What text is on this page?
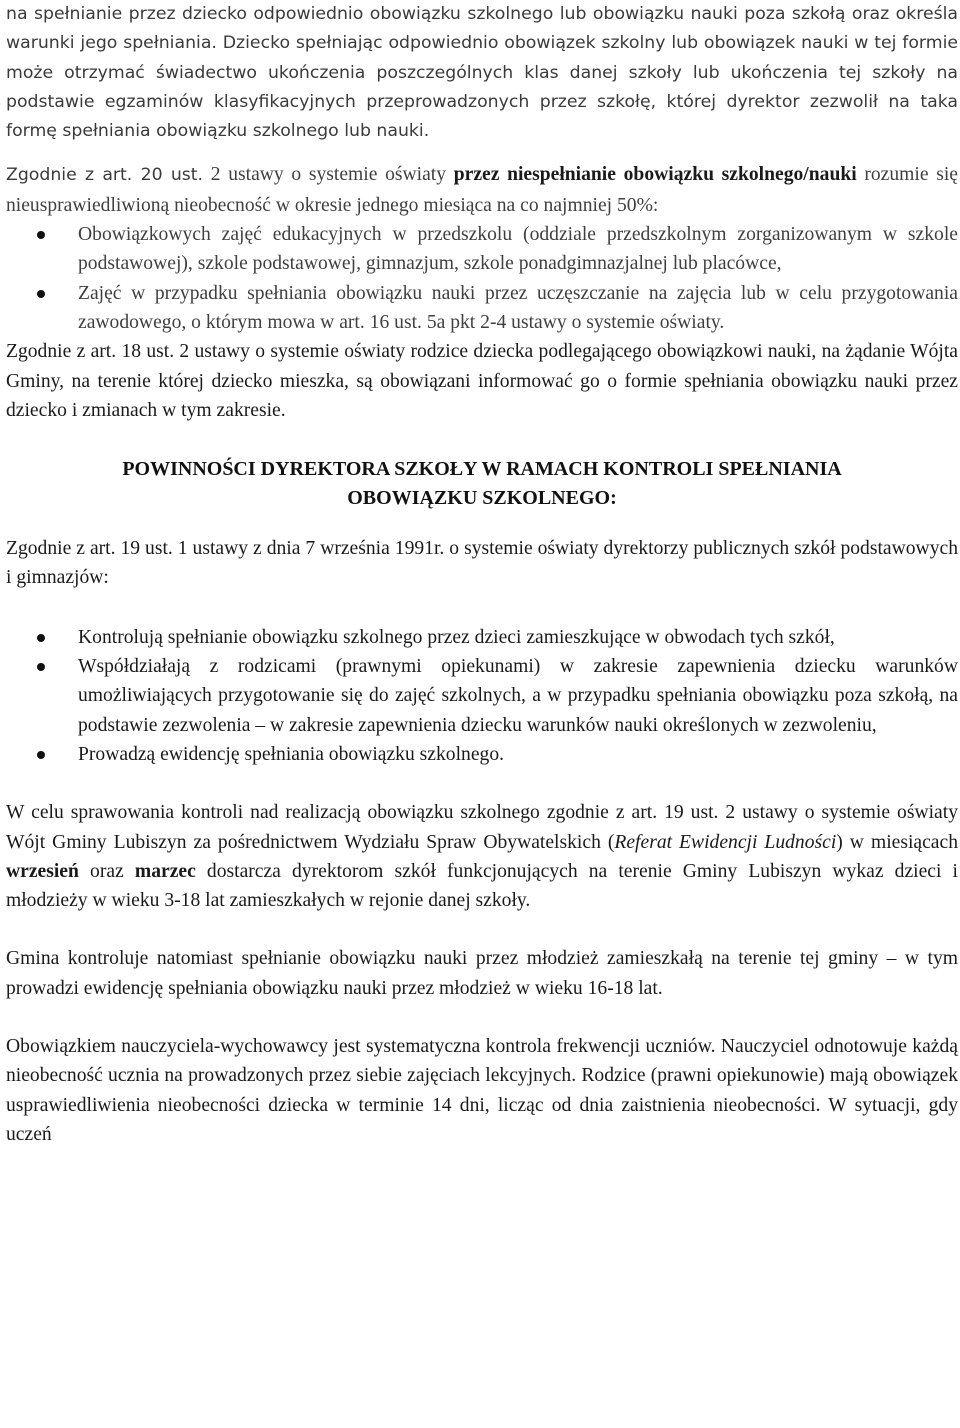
na spełnianie przez dziecko odpowiednio obowiązku szkolnego lub obowiązku nauki poza szkołą oraz określa warunki jego spełniania. Dziecko spełniając odpowiednio obowiązek szkolny lub obowiązek nauki w tej formie może otrzymać świadectwo ukończenia poszczególnych klas danej szkoły lub ukończenia tej szkoły na podstawie egzaminów klasyfikacyjnych przeprowadzonych przez szkołę, której dyrektor zezwolił na taka formę spełniania obowiązku szkolnego lub nauki.

Zgodnie z art. 20 ust. 2 ustawy o systemie oświaty przez niespełnianie obowiązku szkolnego/nauki rozumie się nieusprawiedliwioną nieobecność w okresie jednego miesiąca na co najmniej 50%:

Obowiązkowych zajęć edukacyjnych w przedszkolu (oddziale przedszkolnym zorganizowanym w szkole podstawowej), szkole podstawowej, gimnazjum, szkole ponadgimnazjalnej lub placówce,
Zajęć w przypadku spełniania obowiązku nauki przez uczęszczanie na zajęcia lub w celu przygotowania zawodowego, o którym mowa w art. 16 ust. 5a pkt 2-4 ustawy o systemie oświaty.

Zgodnie z art. 18 ust. 2 ustawy o systemie oświaty rodzice dziecka podlegającego obowiązkowi nauki, na żądanie Wójta Gminy, na terenie której dziecko mieszka, są obowiązani informować go o formie spełniania obowiązku nauki przez dziecko i zmianach w tym zakresie.

POWINNOŚCI DYREKTORA SZKOŁY W RAMACH KONTROLI SPEŁNIANIA
OBOWIĄZKU SZKOLNEGO:

Zgodnie z art. 19 ust. 1 ustawy z dnia 7 września 1991r. o systemie oświaty dyrektorzy publicznych szkół podstawowych i gimnazjów:

Kontrolują spełnianie obowiązku szkolnego przez dzieci zamieszkujące w obwodach tych szkół,
Współdziałają z rodzicami (prawnymi opiekunami) w zakresie zapewnienia dziecku warunków umożliwiających przygotowanie się do zajęć szkolnych, a w przypadku spełniania obowiązku poza szkołą, na podstawie zezwolenia – w zakresie zapewnienia dziecku warunków nauki określonych w zezwoleniu,
Prowadzą ewidencję spełniania obowiązku szkolnego.

W celu sprawowania kontroli nad realizacją obowiązku szkolnego zgodnie z art. 19 ust. 2 ustawy o systemie oświaty Wójt Gminy Lubiszyn za pośrednictwem Wydziału Spraw Obywatelskich (Referat Ewidencji Ludności) w miesiącach wrzesień oraz marzec dostarcza dyrektorom szkół funkcjonujących na terenie Gminy Lubiszyn wykaz dzieci i młodzieży w wieku 3-18 lat zamieszkałych w rejonie danej szkoły.

Gmina kontroluje natomiast spełnianie obowiązku nauki przez młodzież zamieszkałą na terenie tej gminy – w tym prowadzi ewidencję spełniania obowiązku nauki przez młodzież w wieku 16-18 lat.

Obowiązkiem nauczyciela-wychowawcy jest systematyczna kontrola frekwencji uczniów. Nauczyciel odnotowuje każdą nieobecność ucznia na prowadzonych przez siebie zajęciach lekcyjnych. Rodzice (prawni opiekunowie) mają obowiązek usprawiedliwienia nieobecności dziecka w terminie 14 dni, licząc od dnia zaistnienia nieobecności. W sytuacji, gdy uczeń
